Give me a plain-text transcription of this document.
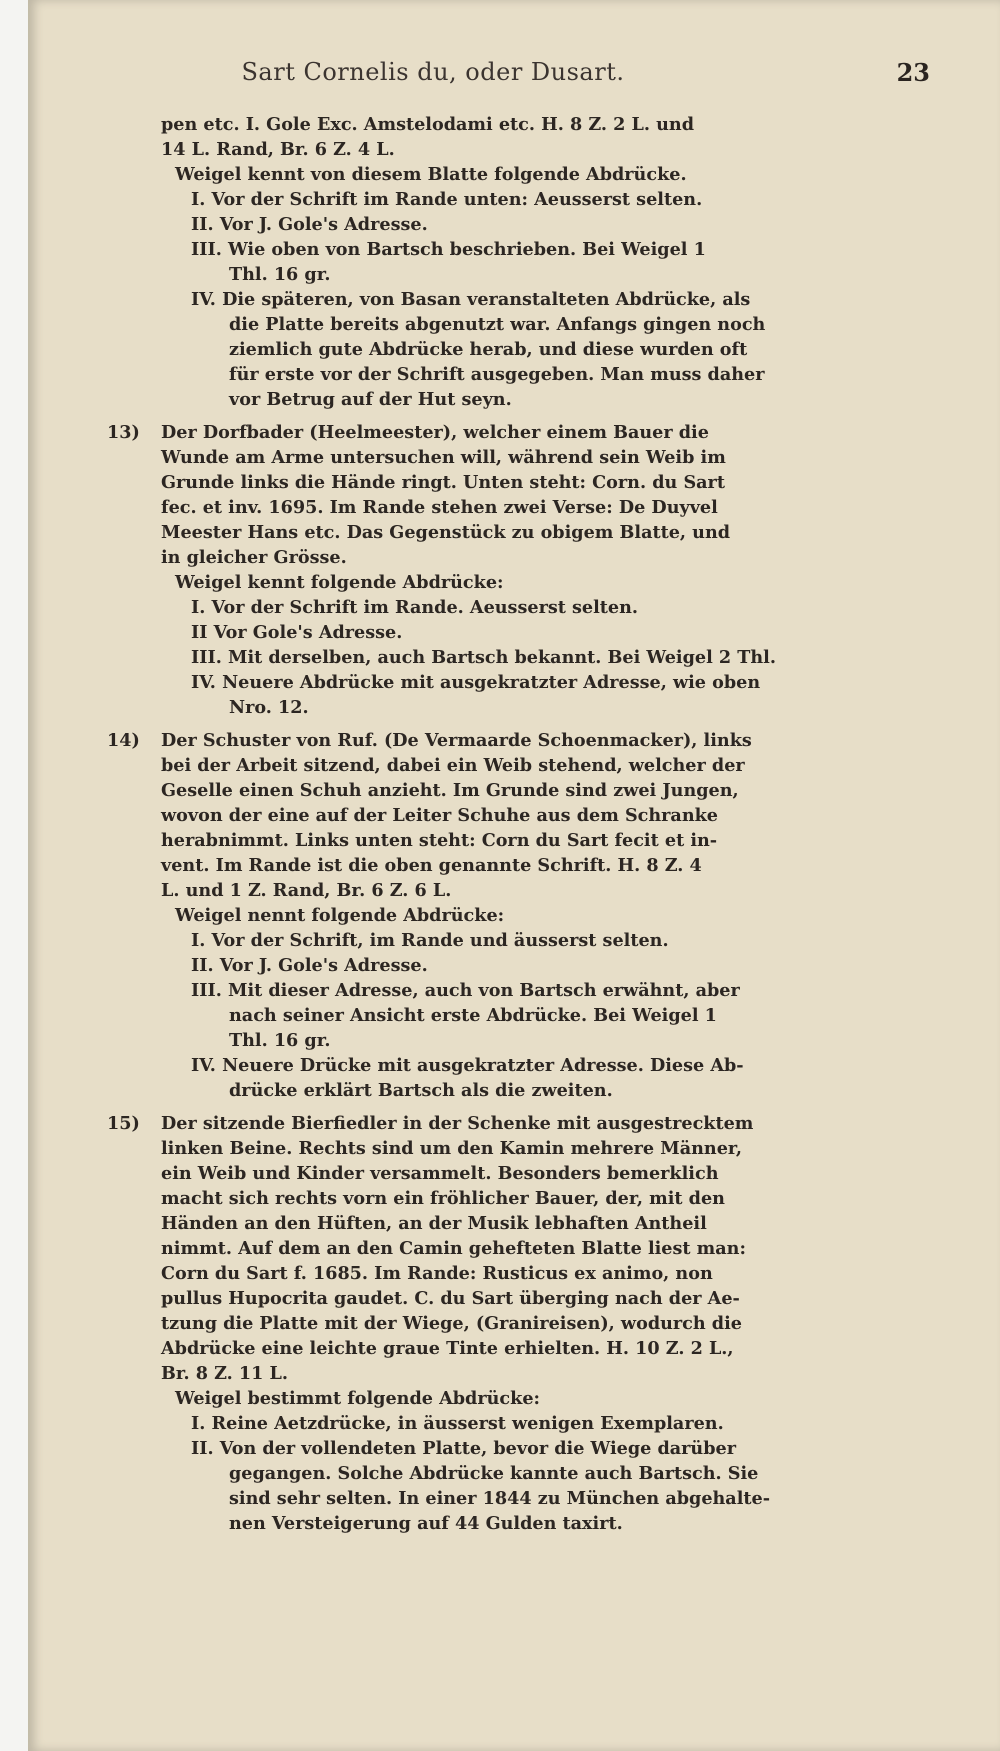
Sart Cornelis du, oder Dusart.	23

pen etc. I. Gole Exc. Amstelodami etc. H. 8 Z. 2 L. und

14 L. Rand, Br. 6 Z. 4 L.

Weigel kennt von diesem Blatte folgende Abdrücke.

I. Vor der Schrift im Rande unten: Aeusserst selten.

II. Vor J. Gole's Adresse.

III. Wie oben von Bartsch beschrieben. Bei Weigel 1

Thl. 16 gr.

IV. Die späteren, von Basan veranstalteten Abdrücke, als

die Platte bereits abgenutzt war. Anfangs gingen noch

ziemlich gute Abdrücke herab, und diese wurden oft

für erste vor der Schrift ausgegeben. Man muss daher

vor Betrug auf der Hut seyn.

13) Der Dorfbader (Heelmeester), welcher einem Bauer die

Wunde am Arme untersuchen will, während sein Weib im

Grunde links die Hände ringt. Unten steht: Corn. du Sart

fec. et inv. 1695. Im Rande stehen zwei Verse: De Duyvel

Meester Hans etc. Das Gegenstück zu obigem Blatte, und

in gleicher Grösse.

Weigel kennt folgende Abdrücke:

I. Vor der Schrift im Rande. Aeusserst selten.

II Vor Gole's Adresse.

III. Mit derselben, auch Bartsch bekannt. Bei Weigel 2 Thl.

IV. Neuere Abdrücke mit ausgekratzter Adresse, wie oben

Nro. 12.

14) Der Schuster von Ruf. (De Vermaarde Schoenmacker), links

bei der Arbeit sitzend, dabei ein Weib stehend, welcher der

Geselle einen Schuh anzieht. Im Grunde sind zwei Jungen,

wovon der eine auf der Leiter Schuhe aus dem Schranke

herabnimmt. Links unten steht: Corn du Sart fecit et in-

vent. Im Rande ist die oben genannte Schrift. H. 8 Z. 4

L. und 1 Z. Rand, Br. 6 Z. 6 L.

Weigel nennt folgende Abdrücke:

I. Vor der Schrift, im Rande und äusserst selten.

II. Vor J. Gole's Adresse.

III. Mit dieser Adresse, auch von Bartsch erwähnt, aber

nach seiner Ansicht erste Abdrücke. Bei Weigel 1

Thl. 16 gr.

IV. Neuere Drücke mit ausgekratzter Adresse. Diese Ab-

drücke erklärt Bartsch als die zweiten.

15) Der sitzende Bierfiedler in der Schenke mit ausgestrecktem

linken Beine. Rechts sind um den Kamin mehrere Männer,

ein Weib und Kinder versammelt. Besonders bemerklich

macht sich rechts vorn ein fröhlicher Bauer, der, mit den

Händen an den Hüften, an der Musik lebhaften Antheil

nimmt. Auf dem an den Camin gehefteten Blatte liest man:

Corn du Sart f. 1685. Im Rande: Rusticus ex animo, non

pullus Hupocrita gaudet. C. du Sart überging nach der Ae-

tzung die Platte mit der Wiege, (Granireisen), wodurch die

Abdrücke eine leichte graue Tinte erhielten. H. 10 Z. 2 L.,

Br. 8 Z. 11 L.

Weigel bestimmt folgende Abdrücke:

I. Reine Aetzdrücke, in äusserst wenigen Exemplaren.

II. Von der vollendeten Platte, bevor die Wiege darüber

gegangen. Solche Abdrücke kannte auch Bartsch. Sie

sind sehr selten. In einer 1844 zu München abgehalte-

nen Versteigerung auf 44 Gulden taxirt.
